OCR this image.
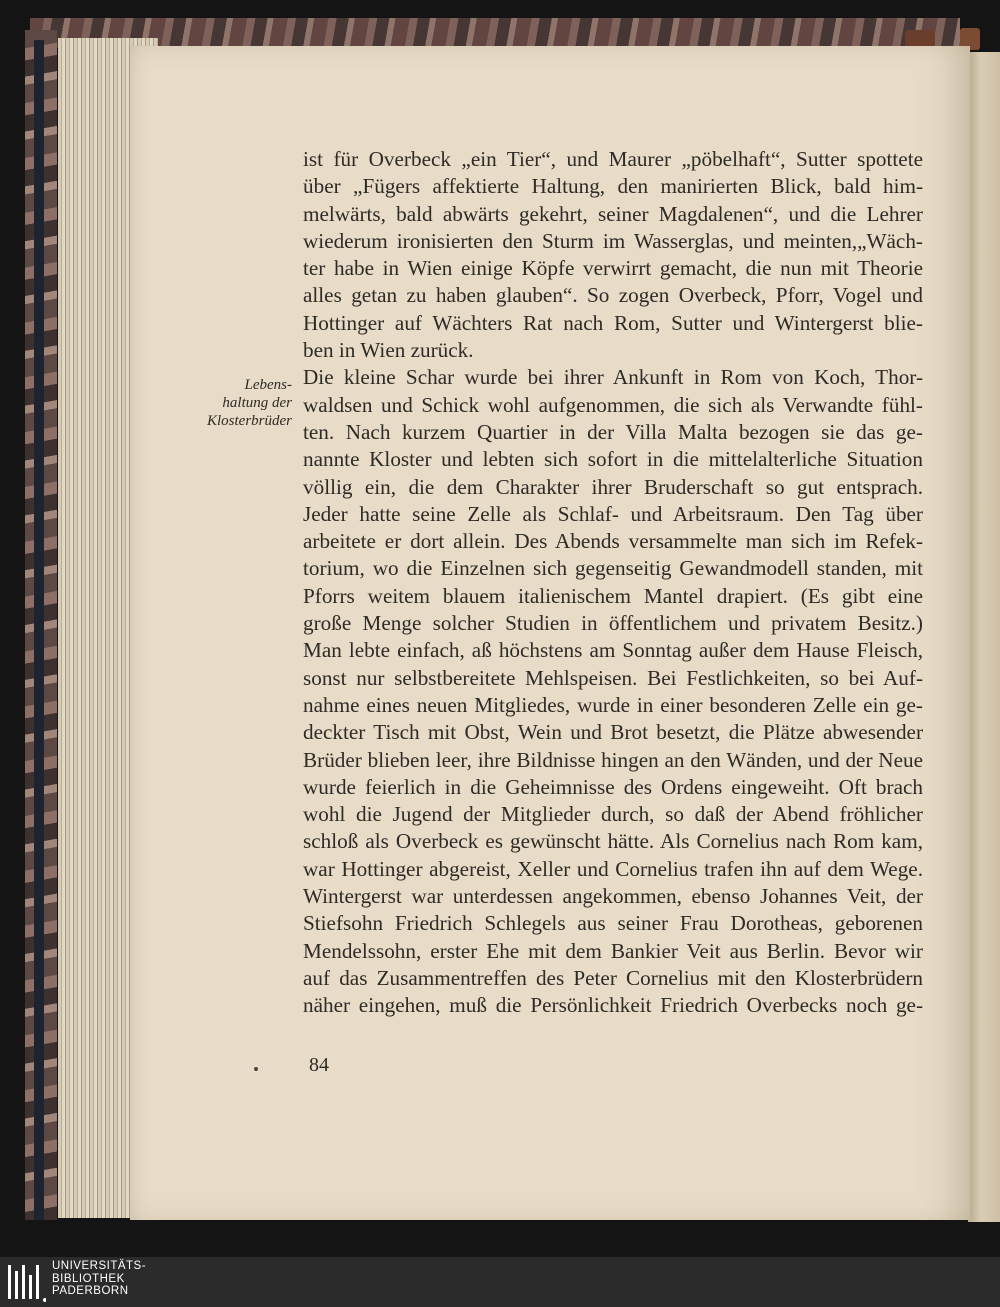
Lebens-
haltung der
Klosterbrüder
ist für Overbeck „ein Tier“, und Maurer „pöbelhaft“, Sutter spottete
über „Fügers affektierte Haltung, den manirierten Blick, bald him-
melwärts, bald abwärts gekehrt, seiner Magdalenen“, und die Lehrer
wiederum ironisierten den Sturm im Wasserglas, und meinten,„Wäch-
ter habe in Wien einige Köpfe verwirrt gemacht, die nun mit Theorie
alles getan zu haben glauben“. So zogen Overbeck, Pforr, Vogel und
Hottinger auf Wächters Rat nach Rom, Sutter und Wintergerst blie-
ben in Wien zurück.
Die kleine Schar wurde bei ihrer Ankunft in Rom von Koch, Thor-
waldsen und Schick wohl aufgenommen, die sich als Verwandte fühl-
ten. Nach kurzem Quartier in der Villa Malta bezogen sie das ge-
nannte Kloster und lebten sich sofort in die mittelalterliche Situation
völlig ein, die dem Charakter ihrer Bruderschaft so gut entsprach.
Jeder hatte seine Zelle als Schlaf- und Arbeitsraum. Den Tag über
arbeitete er dort allein. Des Abends versammelte man sich im Refek-
torium, wo die Einzelnen sich gegenseitig Gewandmodell standen, mit
Pforrs weitem blauem italienischem Mantel drapiert. (Es gibt eine
große Menge solcher Studien in öffentlichem und privatem Besitz.)
Man lebte einfach, aß höchstens am Sonntag außer dem Hause Fleisch,
sonst nur selbstbereitete Mehlspeisen. Bei Festlichkeiten, so bei Auf-
nahme eines neuen Mitgliedes, wurde in einer besonderen Zelle ein ge-
deckter Tisch mit Obst, Wein und Brot besetzt, die Plätze abwesender
Brüder blieben leer, ihre Bildnisse hingen an den Wänden, und der Neue
wurde feierlich in die Geheimnisse des Ordens eingeweiht. Oft brach
wohl die Jugend der Mitglieder durch, so daß der Abend fröhlicher
schloß als Overbeck es gewünscht hätte. Als Cornelius nach Rom kam,
war Hottinger abgereist, Xeller und Cornelius trafen ihn auf dem Wege.
Wintergerst war unterdessen angekommen, ebenso Johannes Veit, der
Stiefsohn Friedrich Schlegels aus seiner Frau Dorotheas, geborenen
Mendelssohn, erster Ehe mit dem Bankier Veit aus Berlin. Bevor wir
auf das Zusammentreffen des Peter Cornelius mit den Klosterbrüdern
näher eingehen, muß die Persönlichkeit Friedrich Overbecks noch ge-
84
UNIVERSITÄTS-
BIBLIOTHEK
PADERBORN
